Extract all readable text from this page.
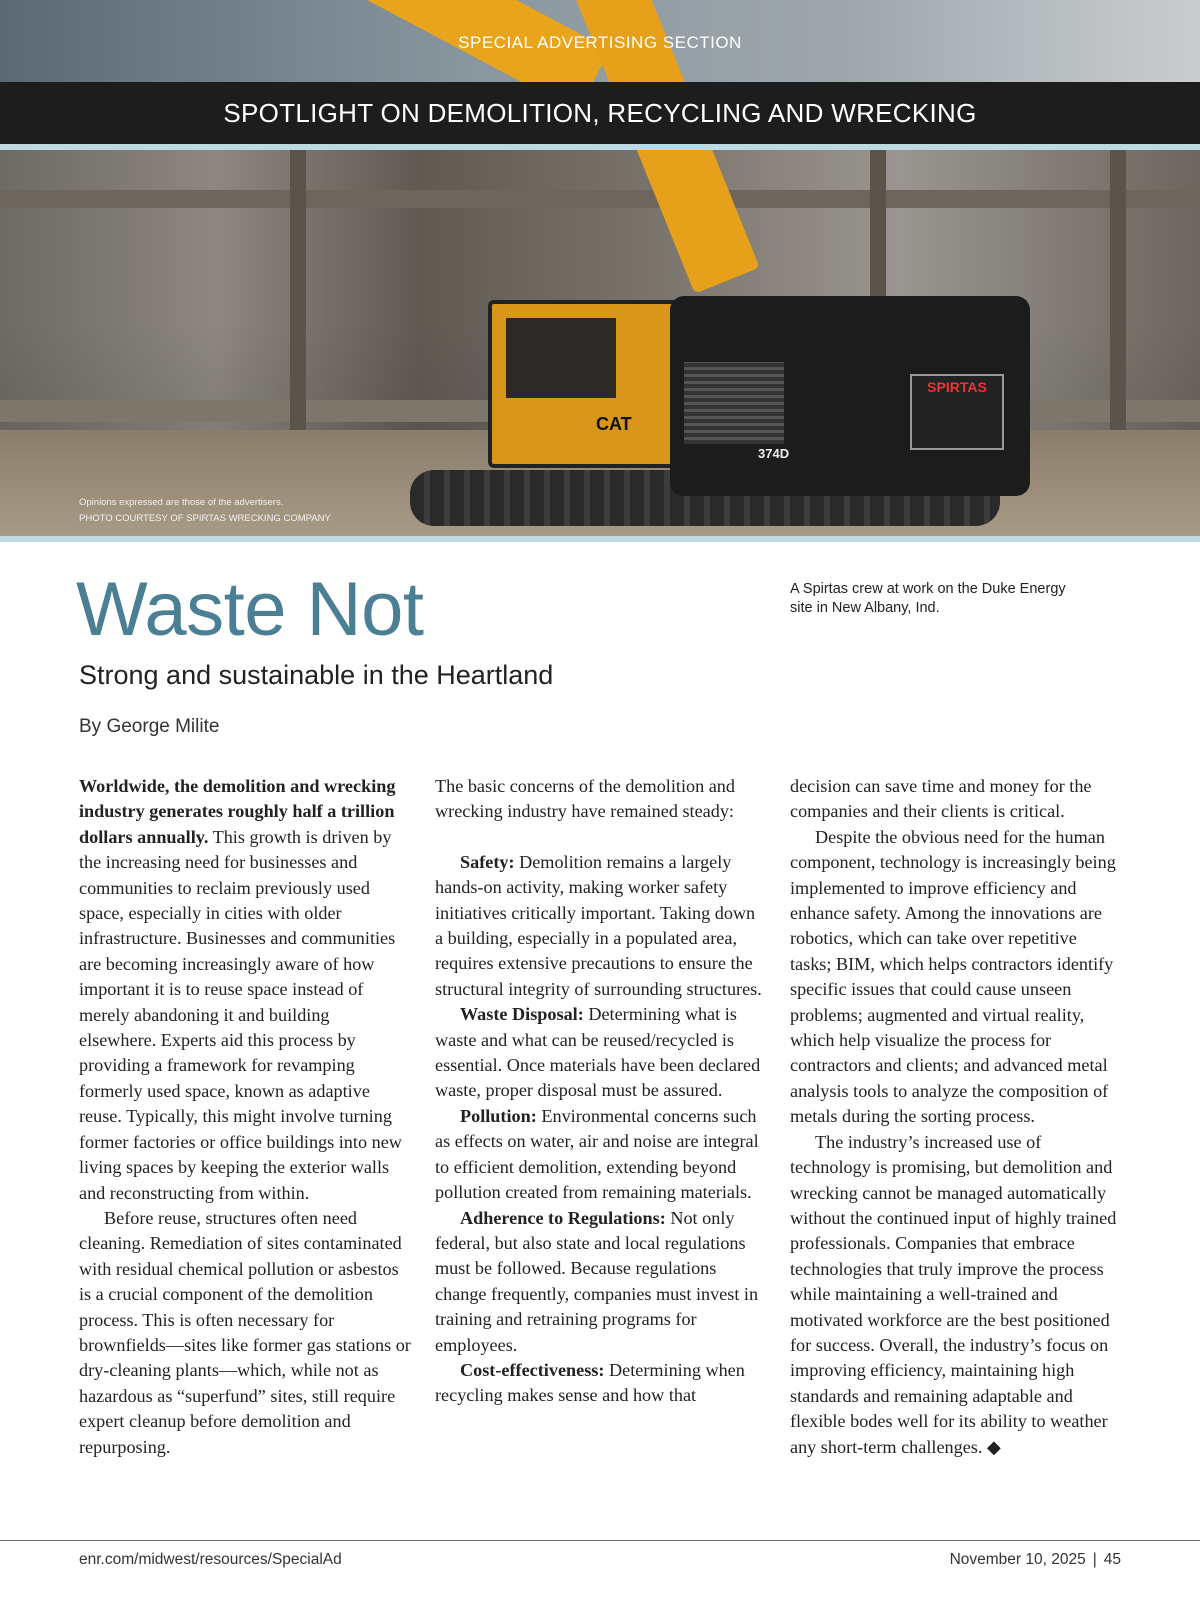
SPIRTAS
CAT
374D
SPECIAL ADVERTISING SECTION
SPOTLIGHT ON DEMOLITION, RECYCLING AND WRECKING
Opinions expressed are those of the advertisers.
PHOTO COURTESY OF SPIRTAS WRECKING COMPANY
Waste Not
Strong and sustainable in the Heartland
By George Milite
A Spirtas crew at work on the Duke Energy site in New Albany, Ind.

Worldwide, the demolition and wrecking industry generates roughly half a trillion dollars annually. This growth is driven by the increasing need for businesses and communities to reclaim previously used space, especially in cities with older infrastructure. Businesses and communities are becoming increasingly aware of how important it is to reuse space instead of merely abandoning it and building elsewhere. Experts aid this process by providing a framework for revamping formerly used space, known as adaptive reuse. Typically, this might involve turning former factories or office buildings into new living spaces by keeping the exterior walls and reconstructing from within.

Before reuse, structures often need cleaning. Remediation of sites contaminated with residual chemical pollution or asbestos is a crucial component of the demolition process. This is often necessary for brownfields—sites like former gas stations or dry-cleaning plants—which, while not as hazardous as “superfund” sites, still require expert cleanup before demolition and repurposing.

The basic concerns of the demolition and wrecking industry have remained steady:

Safety: Demolition remains a largely hands-on activity, making worker safety initiatives critically important. Taking down a building, especially in a populated area, requires extensive precautions to ensure the structural integrity of surrounding structures.

Waste Disposal: Determining what is waste and what can be reused/recycled is essential. Once materials have been declared waste, proper disposal must be assured.

Pollution: Environmental concerns such as effects on water, air and noise are integral to efficient demolition, extending beyond pollution created from remaining materials.

Adherence to Regulations: Not only federal, but also state and local regulations must be followed. Because regulations change frequently, companies must invest in training and retraining programs for employees.

Cost-effectiveness: Determining when recycling makes sense and how that

decision can save time and money for the companies and their clients is critical.

Despite the obvious need for the human component, technology is increasingly being implemented to improve efficiency and enhance safety. Among the innovations are robotics, which can take over repetitive tasks; BIM, which helps contractors identify specific issues that could cause unseen problems; augmented and virtual reality, which help visualize the process for contractors and clients; and advanced metal analysis tools to analyze the composition of metals during the sorting process.

The industry’s increased use of technology is promising, but demolition and wrecking cannot be managed automatically without the continued input of highly trained professionals. Companies that embrace technologies that truly improve the process while maintaining a well-trained and motivated workforce are the best positioned for success. Overall, the industry’s focus on improving efficiency, maintaining high standards and remaining adaptable and flexible bodes well for its ability to weather any short-term challenges. ◆

enr.com/midwest/resources/SpecialAd	November 10, 2025 | 45
